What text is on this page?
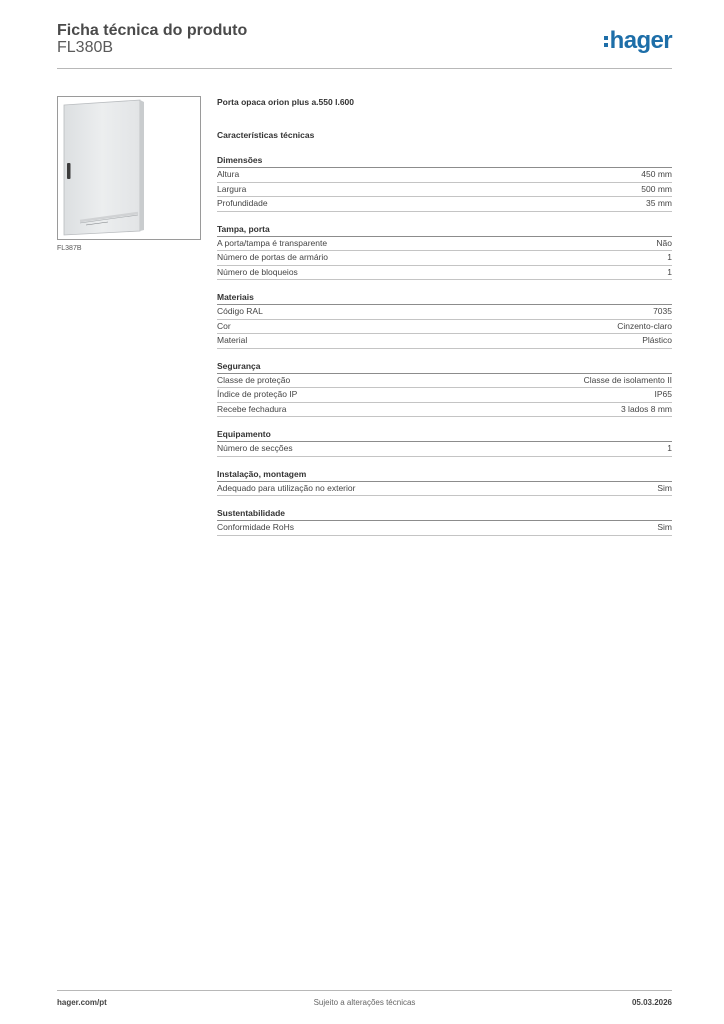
Ficha técnica do produto
FL380B	hager
FL387B
Porta opaca orion plus a.550 l.600
Características técnicas
Dimensões
Altura	450 mm
Largura	500 mm
Profundidade	35 mm
Tampa, porta
A porta/tampa é transparente	Não
Número de portas de armário	1
Número de bloqueios	1
Materiais
Código RAL	7035
Cor	Cinzento-claro
Material	Plástico
Segurança
Classe de proteção	Classe de isolamento II
Índice de proteção IP	IP65
Recebe fechadura	3 lados 8 mm
Equipamento
Número de secções	1
Instalação, montagem
Adequado para utilização no exterior	Sim
Sustentabilidade
Conformidade RoHs	Sim
hager.com/pt	Sujeito a alterações técnicas	05.03.2026
